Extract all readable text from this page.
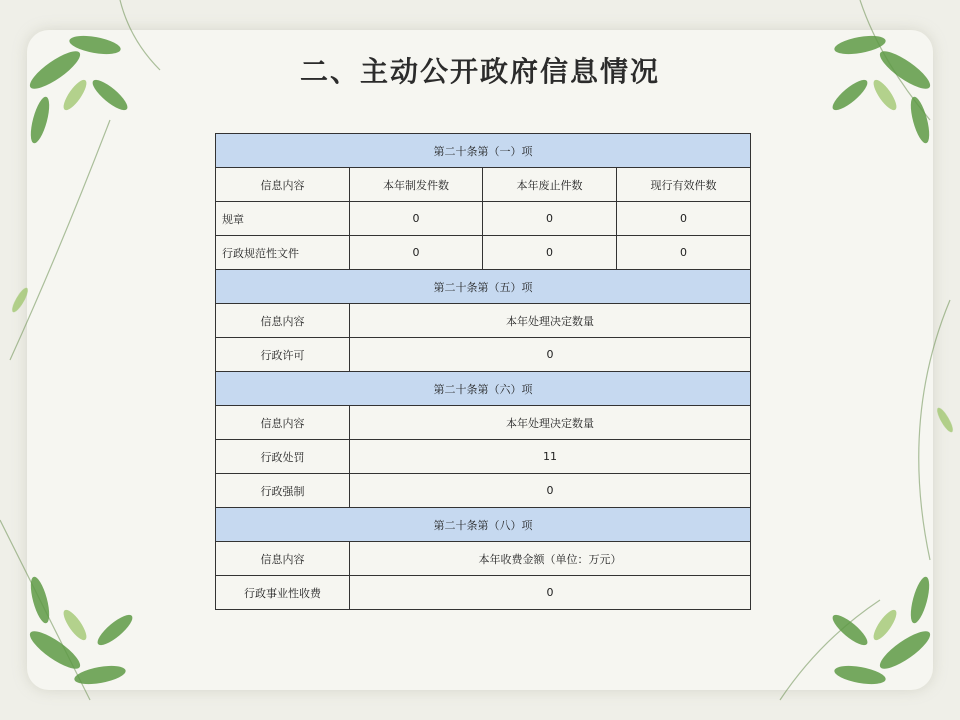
二、主动公开政府信息情况
第二十条第（一）项			
信息内容	本年制发件数	本年废止件数	现行有效件数
规章	0	0	0
行政规范性文件	0	0	0
第二十条第（五）项			
信息内容	本年处理决定数量		
行政许可	0		
第二十条第（六）项			
信息内容	本年处理决定数量		
行政处罚	11		
行政强制	0		
第二十条第（八）项			
信息内容	本年收费金额（单位：万元）		
行政事业性收费	0		
